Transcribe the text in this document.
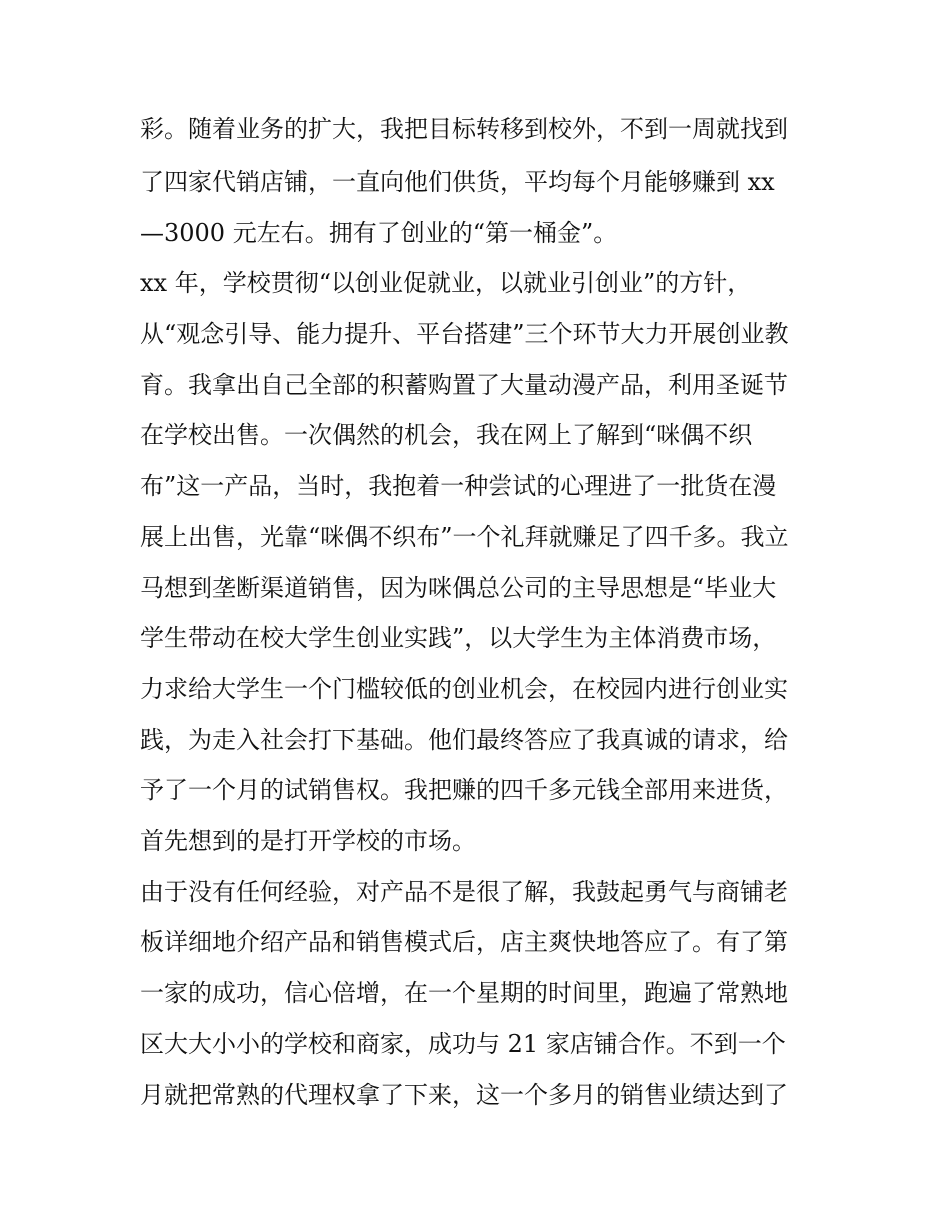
彩。随着业务的扩大，我把目标转移到校外，不到一周就找到

了四家代销店铺，一直向他们供货，平均每个月能够赚到 xx

—3000 元左右。拥有了创业的“第一桶金”。

xx 年，学校贯彻“以创业促就业，以就业引创业”的方针，

从“观念引导、能力提升、平台搭建”三个环节大力开展创业教

育。我拿出自己全部的积蓄购置了大量动漫产品，利用圣诞节

在学校出售。一次偶然的机会，我在网上了解到“咪偶不织

布”这一产品，当时，我抱着一种尝试的心理进了一批货在漫

展上出售，光靠“咪偶不织布”一个礼拜就赚足了四千多。我立

马想到垄断渠道销售，因为咪偶总公司的主导思想是“毕业大

学生带动在校大学生创业实践”，以大学生为主体消费市场，

力求给大学生一个门槛较低的创业机会，在校园内进行创业实

践，为走入社会打下基础。他们最终答应了我真诚的请求，给

予了一个月的试销售权。我把赚的四千多元钱全部用来进货，

首先想到的是打开学校的市场。

由于没有任何经验，对产品不是很了解，我鼓起勇气与商铺老

板详细地介绍产品和销售模式后，店主爽快地答应了。有了第

一家的成功，信心倍增，在一个星期的时间里，跑遍了常熟地

区大大小小的学校和商家，成功与 21 家店铺合作。不到一个

月就把常熟的代理权拿了下来，这一个多月的销售业绩达到了
